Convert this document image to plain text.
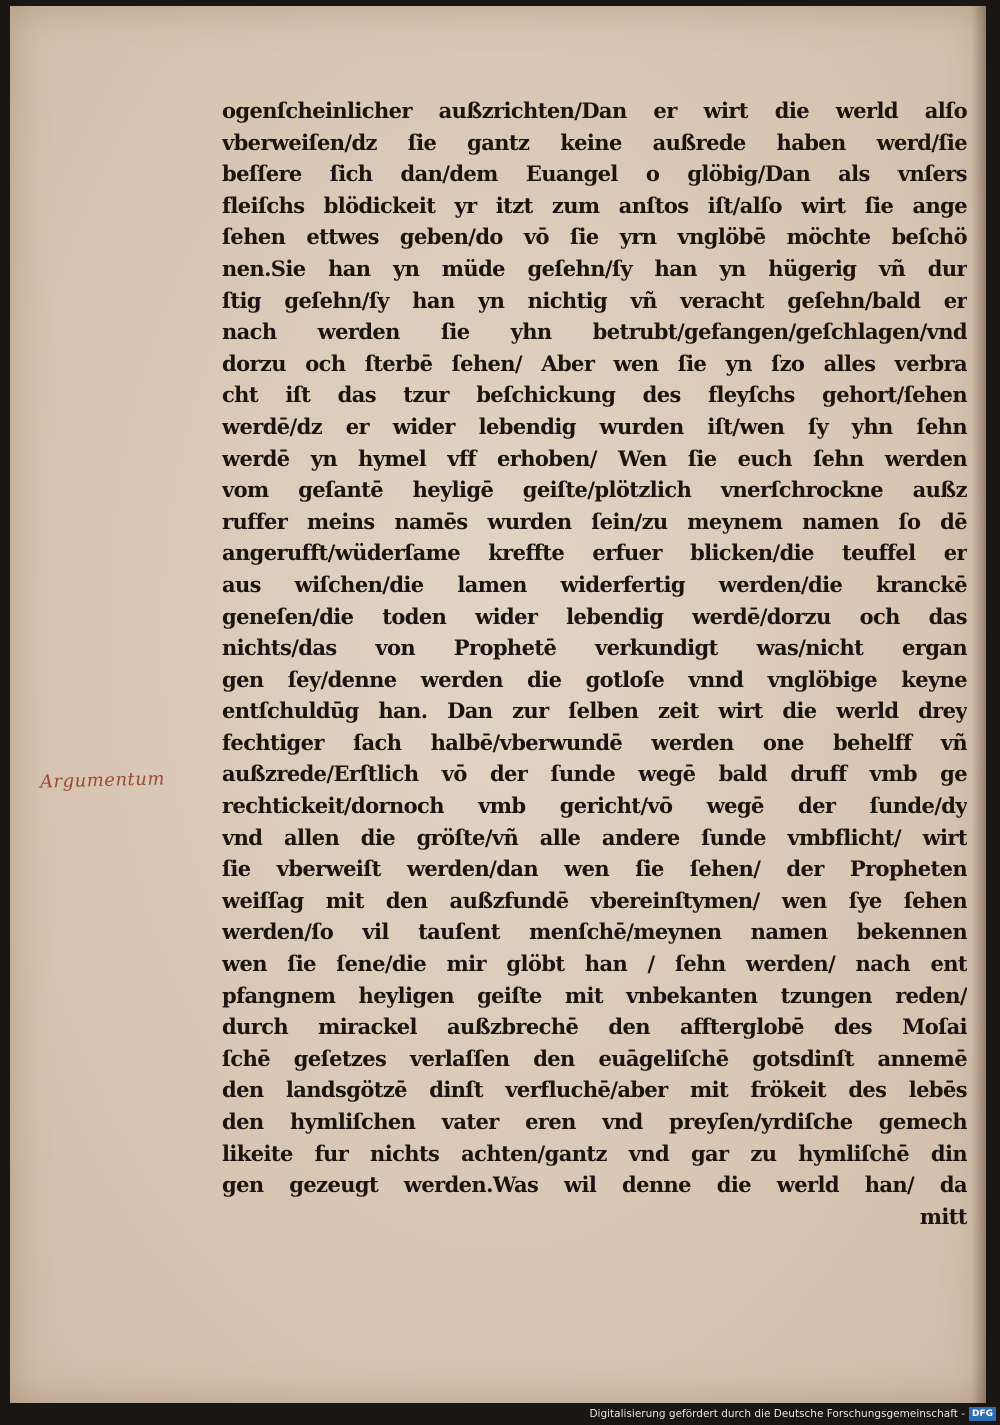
Argumentum
ogenſcheinlicher außzrichten/Dan er wirt die werld alſo
vberweiſen/dz ſie gantz keine außrede haben werd/ſie
beſſere ſich dan/dem Euangel o glöbig/Dan als vnſers
fleiſchs blödickeit yr itzt zum anſtos iſt/alſo wirt ſie ange
ſehen ettwes geben/do vō ſie yrn vnglöbē möchte beſchö
nen.Sie han yn müde geſehn/ſy han yn hügerig vñ dur
ſtig geſehn/ſy han yn nichtig vñ veracht geſehn/bald er
nach werden ſie yhn betrubt/gefangen/geſchlagen/vnd
dorzu och ſterbē ſehen/ Aber wen ſie yn ſzo alles verbra
cht iſt das tzur beſchickung des fleyſchs gehort/ſehen
werdē/dz er wider lebendig wurden iſt/wen ſy yhn ſehn
werdē yn hymel vff erhoben/ Wen ſie euch ſehn werden
vom geſantē heyligē geiſte/plötzlich vnerſchrockne außz
ruffer meins namēs wurden ſein/zu meynem namen ſo dē
angerufft/wüderſame kreffte erfuer blicken/die teuffel er
aus wiſchen/die lamen widerfertig werden/die kranckē
geneſen/die toden wider lebendig werdē/dorzu och das
nichts/das von Prophetē verkundigt was/nicht ergan
gen ſey/denne werden die gotloſe vnnd vnglöbige keyne
entſchuldūg han. Dan zur ſelben zeit wirt die werld drey
fechtiger ſach halbē/vberwundē werden one behelff vñ
außzrede/Erſtlich vō der ſunde wegē bald druff vmb ge
rechtickeit/dornoch vmb gericht/vō wegē der ſunde/dy
vnd allen die gröſte/vñ alle andere ſunde vmbflicht/ wirt
ſie vberweiſt werden/dan wen ſie ſehen/ der Propheten
weiſſag mit den außzfundē vbereinſtymen/ wen ſye ſehen
werden/ſo vil tauſent menſchē/meynen namen bekennen
wen ſie ſene/die mir glöbt han / ſehn werden/ nach ent
pfangnem heyligen geiſte mit vnbekanten tzungen reden/
durch mirackel außzbrechē den affterglobē des Moſai
ſchē geſetzes verlaſſen den euāgeliſchē gotsdinſt annemē
den landsgötzē dinſt verfluchē/aber mit frökeit des lebēs
den hymliſchen vater eren vnd preyſen/yrdiſche gemech
likeite fur nichts achten/gantz vnd gar zu hymliſchē din
gen gezeugt werden.Was wil denne die werld han/ da
mitt
Digitalisierung gefördert durch die Deutsche Forschungsgemeinschaft - DFG
